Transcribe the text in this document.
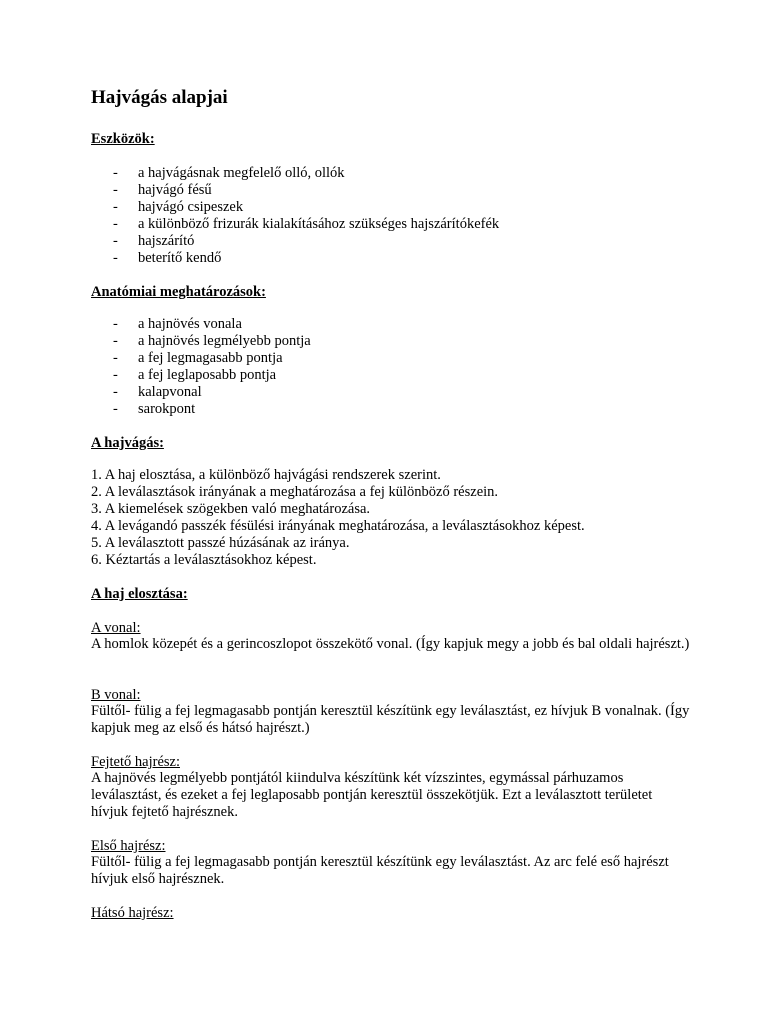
Hajvágás alapjai

Eszközök:

- a hajvágásnak megfelelő olló, ollók
- hajvágó fésű
- hajvágó csipeszek
- a különböző frizurák kialakításához szükséges hajszárítókefék
- hajszárító
- beterítő kendő

Anatómiai meghatározások:

- a hajnövés vonala
- a hajnövés legmélyebb pontja
- a fej legmagasabb pontja
- a fej leglaposabb pontja
- kalapvonal
- sarokpont

A hajvágás:

1. A haj elosztása, a különböző hajvágási rendszerek szerint.
2. A leválasztások irányának a meghatározása a fej különböző részein.
3. A kiemelések szögekben való meghatározása.
4. A levágandó passzék fésülési irányának meghatározása, a leválasztásokhoz képest.
5. A leválasztott passzé húzásának az iránya.
6. Kéztartás a leválasztásokhoz képest.

A haj elosztása:

A vonal:

A homlok közepét és a gerincoszlopot összekötő vonal. (Így kapjuk megy a jobb és bal oldali hajrészt.)

B vonal:

Fültől- fülig a fej legmagasabb pontján keresztül készítünk egy leválasztást, ez hívjuk B vonalnak. (Így kapjuk meg az első és hátsó hajrészt.)

Fejtető hajrész:

A hajnövés legmélyebb pontjától kiindulva készítünk két vízszintes, egymással párhuzamos leválasztást, és ezeket a fej leglaposabb pontján keresztül összekötjük. Ezt a leválasztott területet hívjuk fejtető hajrésznek.

Első hajrész:

Fültől- fülig a fej legmagasabb pontján keresztül készítünk egy leválasztást. Az arc felé eső hajrészt hívjuk első hajrésznek.

Hátsó hajrész:
